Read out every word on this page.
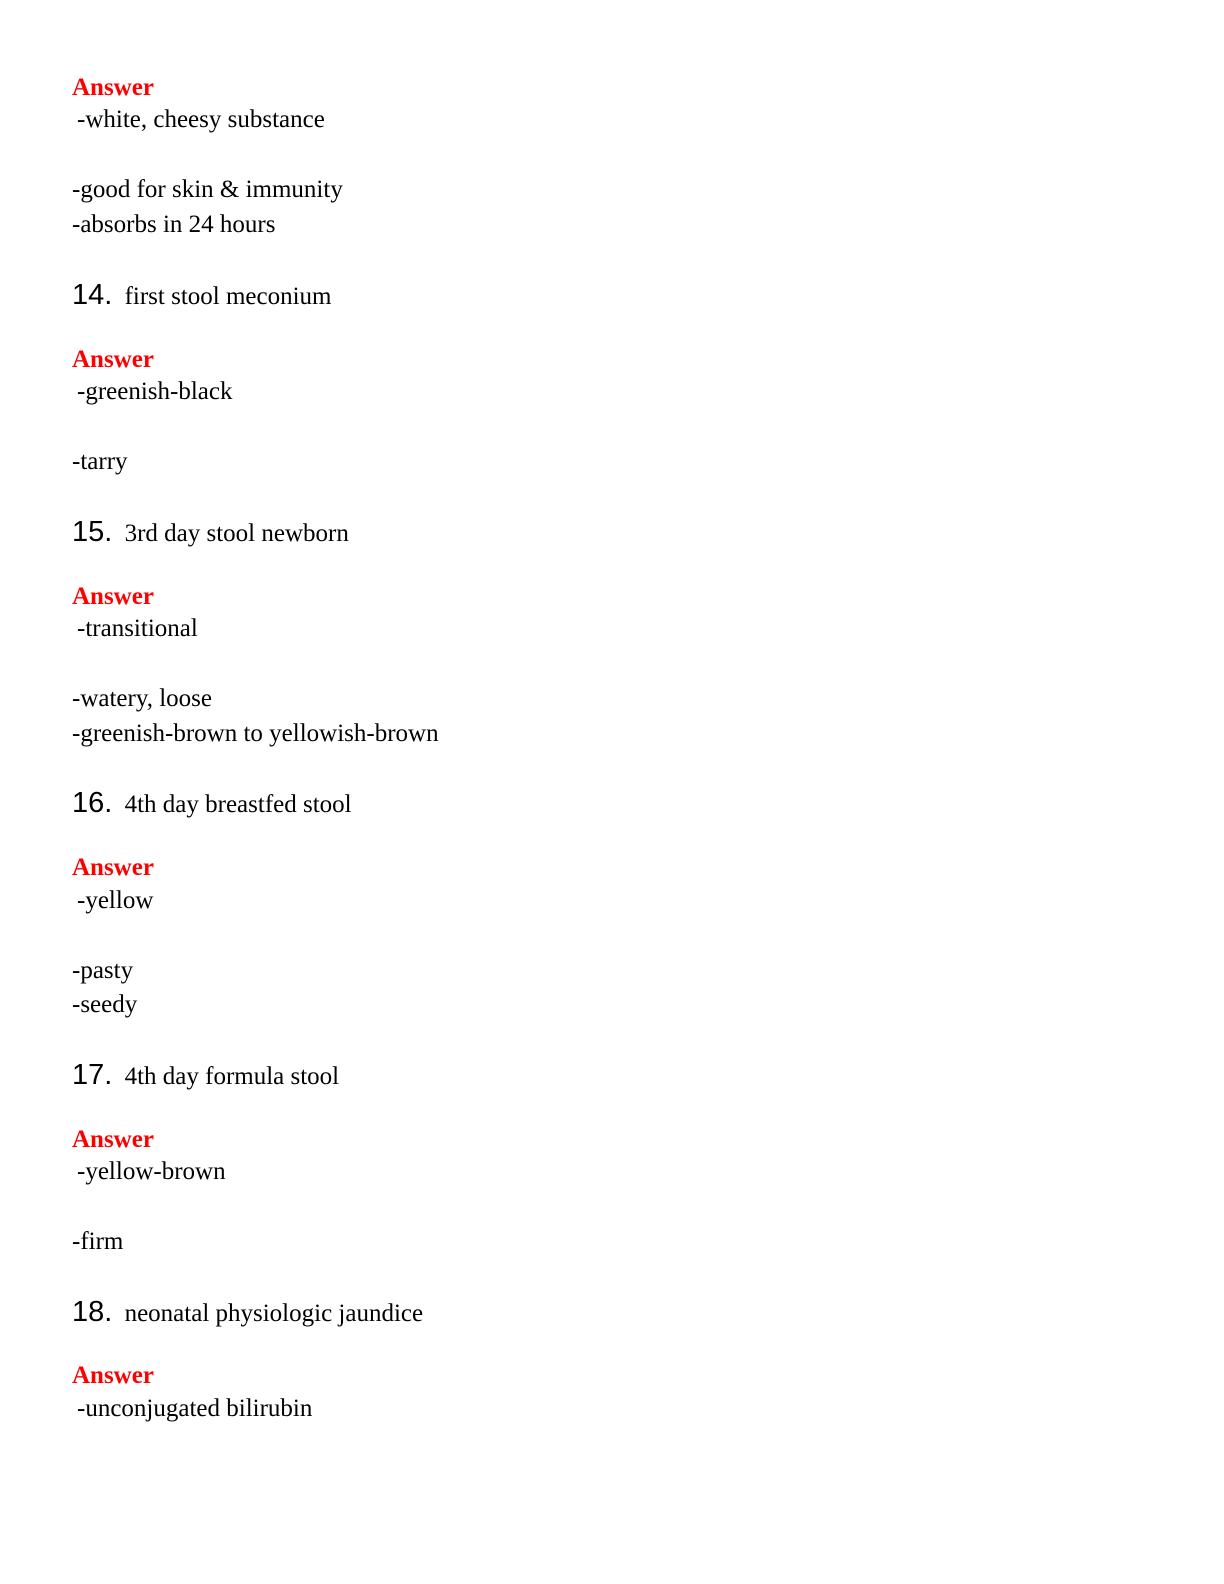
Answer
-white, cheesy substance
-good for skin & immunity
-absorbs in 24 hours
14. first stool meconium
Answer
-greenish-black
-tarry
15. 3rd day stool newborn
Answer
-transitional
-watery, loose
-greenish-brown to yellowish-brown
16. 4th day breastfed stool
Answer
-yellow
-pasty
-seedy
17. 4th day formula stool
Answer
-yellow-brown
-firm
18. neonatal physiologic jaundice
Answer
-unconjugated bilirubin
